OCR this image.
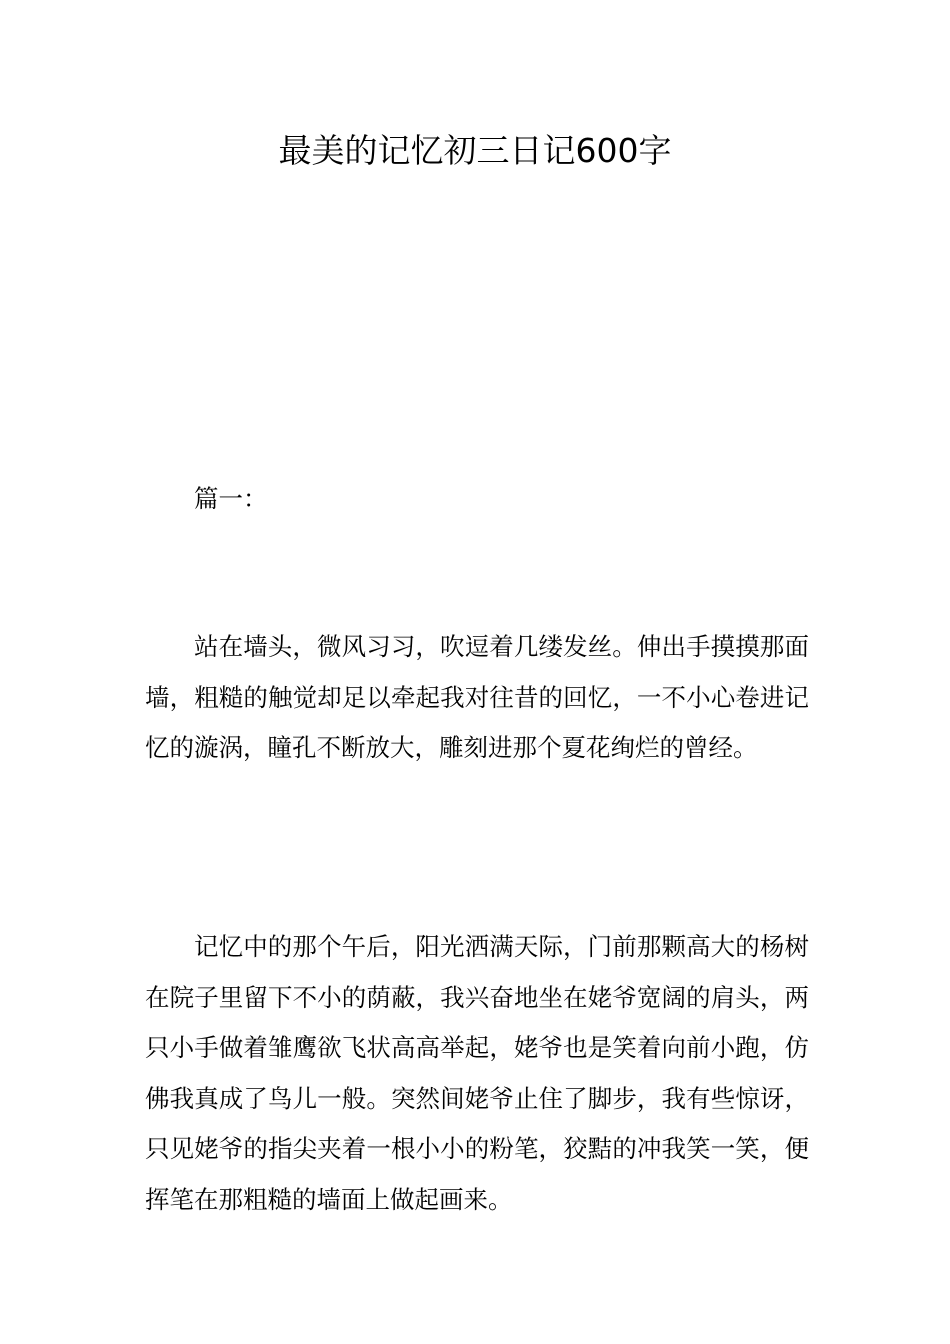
最美的记忆初三日记600字

篇一：

站在墙头，微风习习，吹逗着几缕发丝。伸出手摸摸那面墙，粗糙的触觉却足以牵起我对往昔的回忆，一不小心卷进记忆的漩涡，瞳孔不断放大，雕刻进那个夏花绚烂的曾经。

记忆中的那个午后，阳光洒满天际，门前那颗高大的杨树在院子里留下不小的荫蔽，我兴奋地坐在姥爷宽阔的肩头，两只小手做着雏鹰欲飞状高高举起，姥爷也是笑着向前小跑，仿佛我真成了鸟儿一般。突然间姥爷止住了脚步，我有些惊讶，只见姥爷的指尖夹着一根小小的粉笔，狡黠的冲我笑一笑，便挥笔在那粗糙的墙面上做起画来。
